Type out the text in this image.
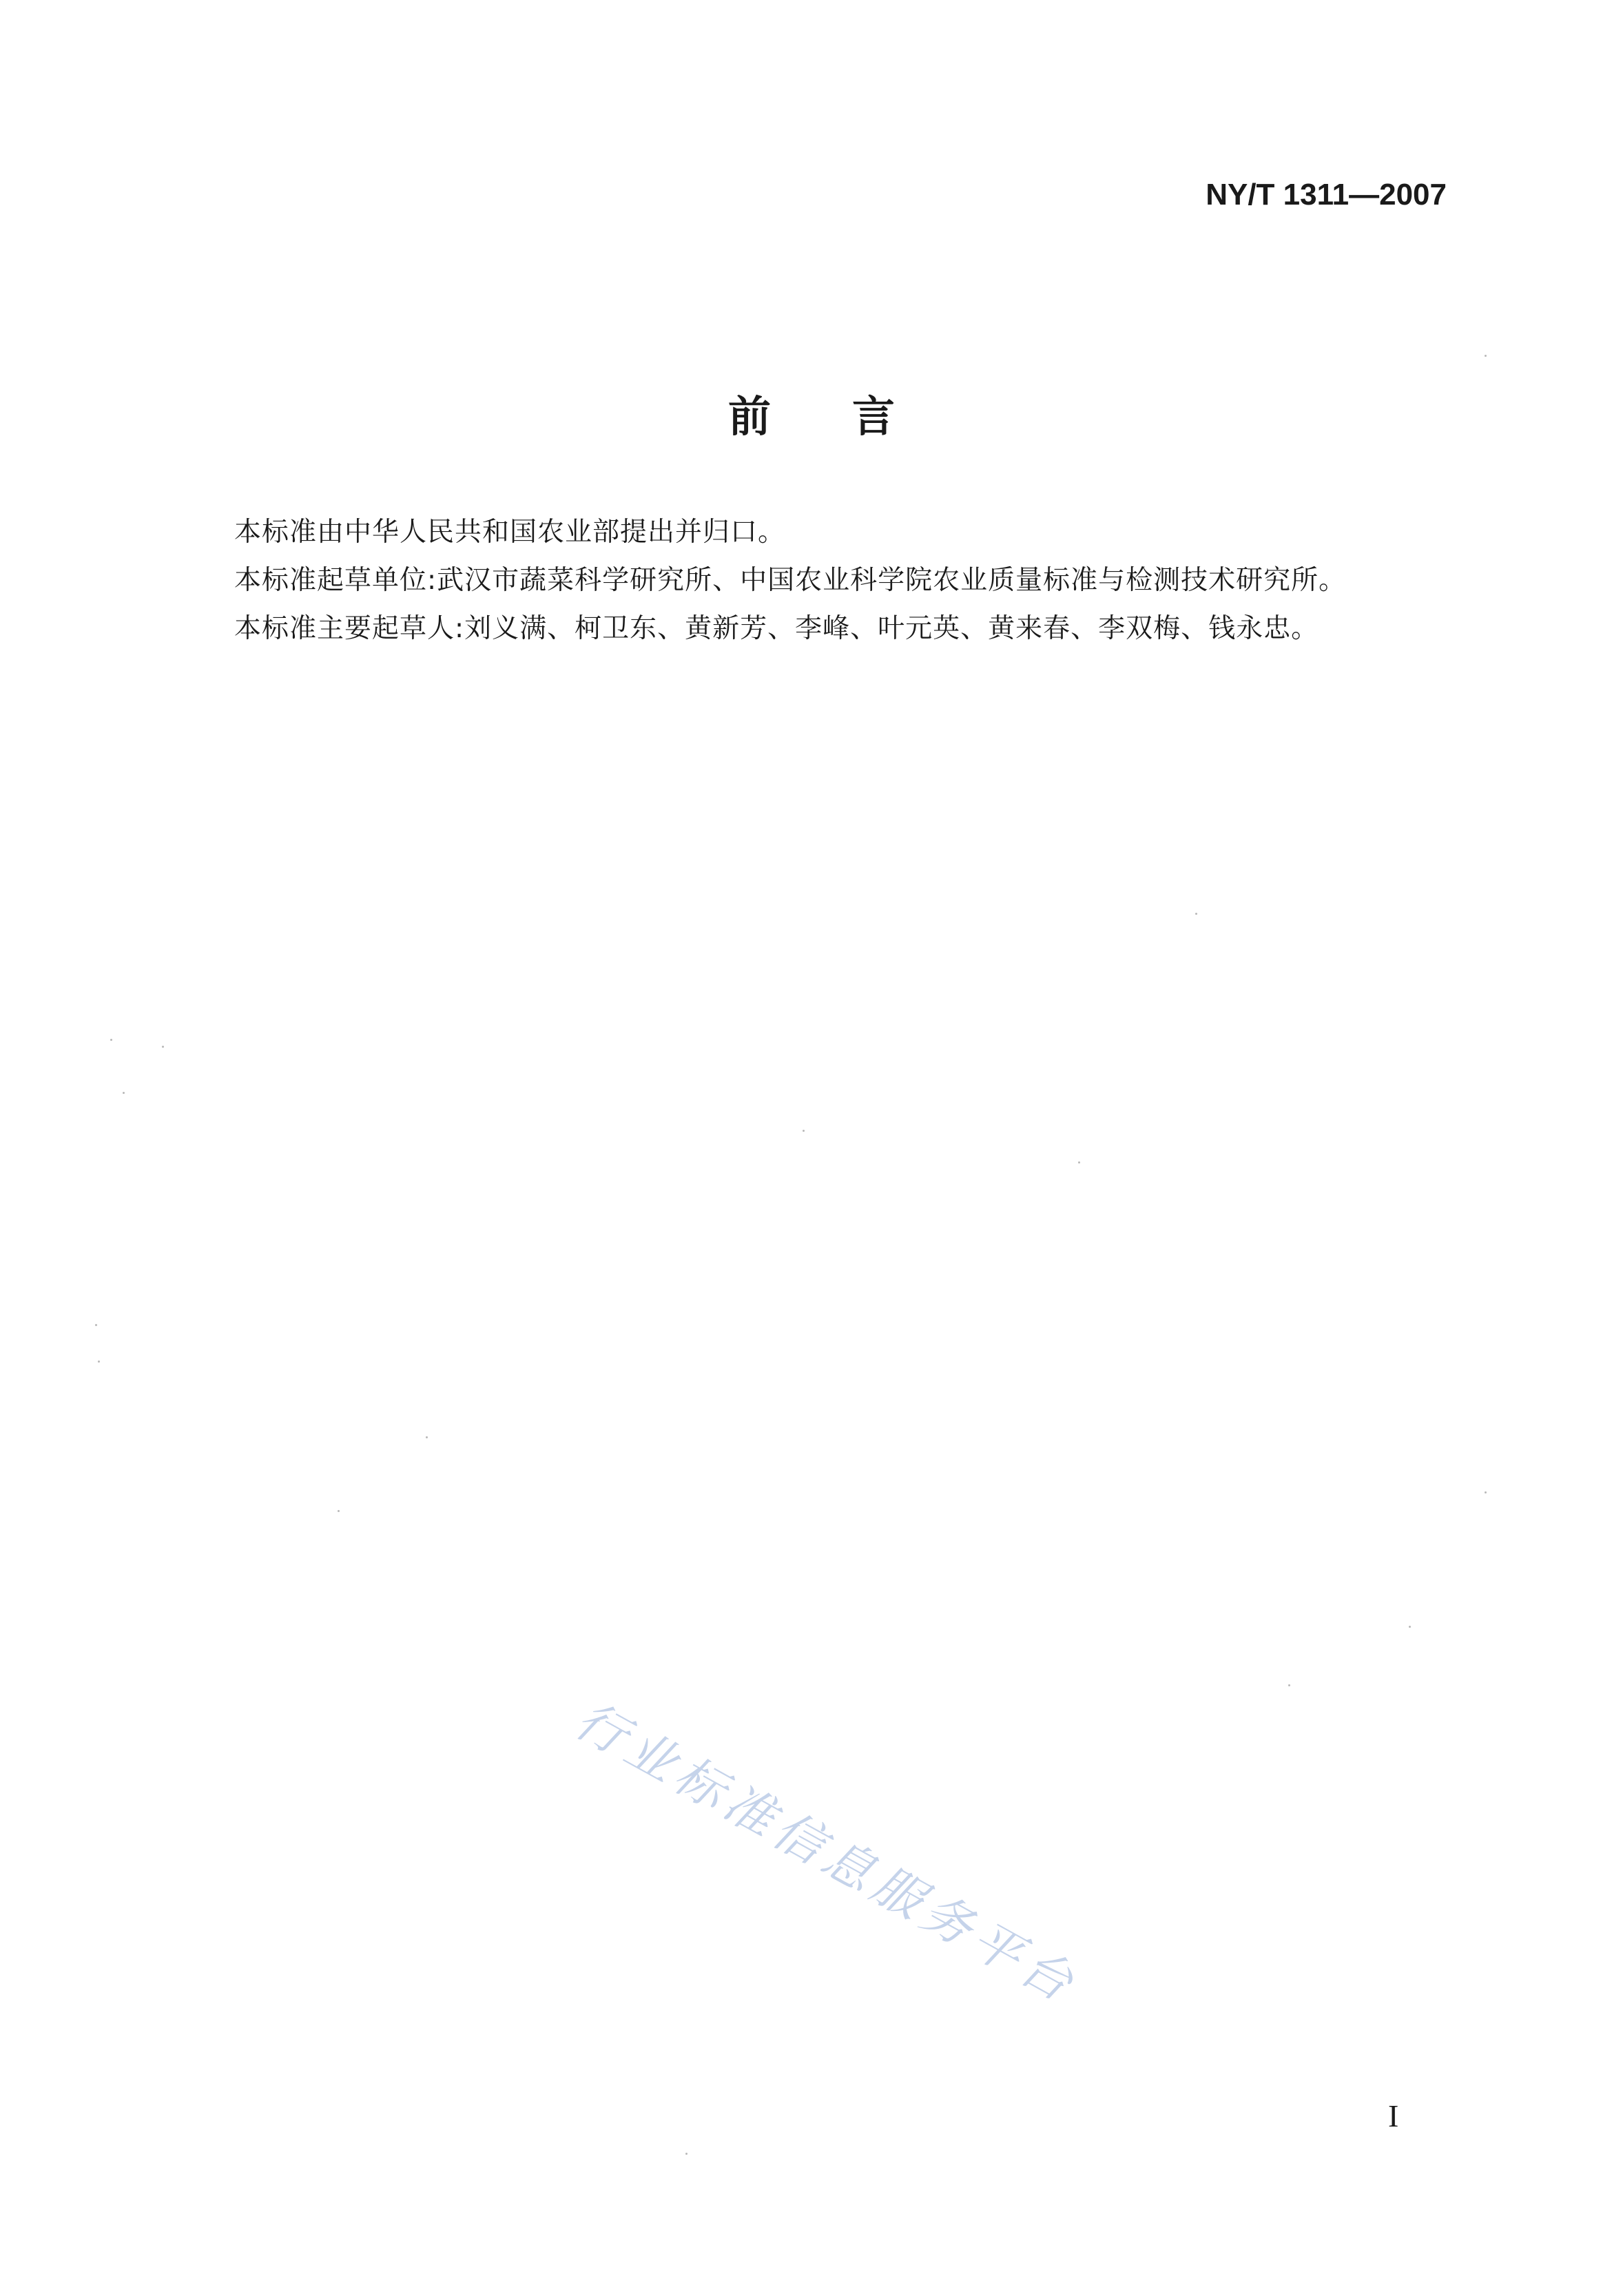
NY/T 1311—2007
前言
本标准由中华人民共和国农业部提出并归口。
本标准起草单位:武汉市蔬菜科学研究所、中国农业科学院农业质量标准与检测技术研究所。
本标准主要起草人:刘义满、柯卫东、黄新芳、李峰、叶元英、黄来春、李双梅、钱永忠。
行业标准信息服务平台
I
